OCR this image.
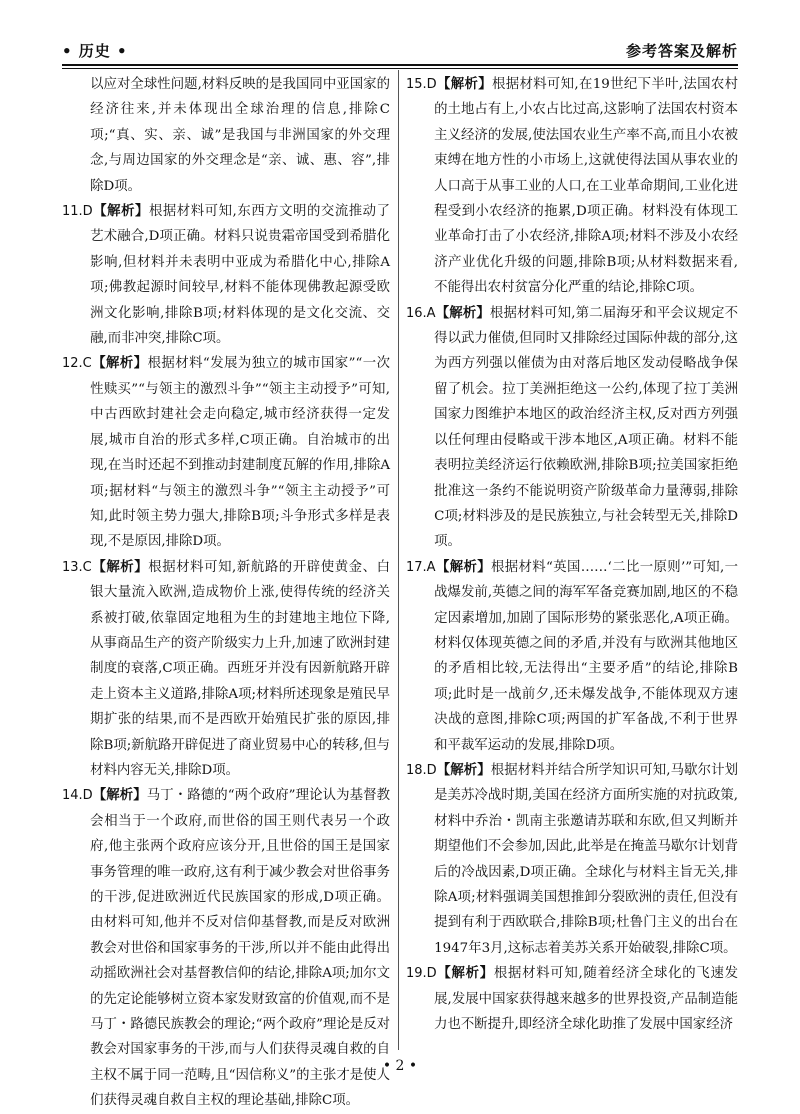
• 历史 •	参考答案及解析
以应对全球性问题,材料反映的是我国同中亚国家的经济往来,并未体现出全球治理的信息,排除C项;“真、实、亲、诚”是我国与非洲国家的外交理念,与周边国家的外交理念是“亲、诚、惠、容”,排除D项。
11.D【解析】根据材料可知,东西方文明的交流推动了艺术融合,D项正确。材料只说贵霜帝国受到希腊化影响,但材料并未表明中亚成为希腊化中心,排除A项;佛教起源时间较早,材料不能体现佛教起源受欧洲文化影响,排除B项;材料体现的是文化交流、交融,而非冲突,排除C项。
12.C【解析】根据材料“发展为独立的城市国家”“一次性赎买”“与领主的激烈斗争”“领主主动授予”可知,中古西欧封建社会走向稳定,城市经济获得一定发展,城市自治的形式多样,C项正确。自治城市的出现,在当时还起不到推动封建制度瓦解的作用,排除A项;据材料“与领主的激烈斗争”“领主主动授予”可知,此时领主势力强大,排除B项;斗争形式多样是表现,不是原因,排除D项。
13.C【解析】根据材料可知,新航路的开辟使黄金、白银大量流入欧洲,造成物价上涨,使得传统的经济关系被打破,依靠固定地租为生的封建地主地位下降,从事商品生产的资产阶级实力上升,加速了欧洲封建制度的衰落,C项正确。西班牙并没有因新航路开辟走上资本主义道路,排除A项;材料所述现象是殖民早期扩张的结果,而不是西欧开始殖民扩张的原因,排除B项;新航路开辟促进了商业贸易中心的转移,但与材料内容无关,排除D项。
14.D【解析】马丁・路德的“两个政府”理论认为基督教会相当于一个政府,而世俗的国王则代表另一个政府,他主张两个政府应该分开,且世俗的国王是国家事务管理的唯一政府,这有利于减少教会对世俗事务的干涉,促进欧洲近代民族国家的形成,D项正确。由材料可知,他并不反对信仰基督教,而是反对欧洲教会对世俗和国家事务的干涉,所以并不能由此得出动摇欧洲社会对基督教信仰的结论,排除A项;加尔文的先定论能够树立资本家发财致富的价值观,而不是马丁・路德民族教会的理论;“两个政府”理论是反对教会对国家事务的干涉,而与人们获得灵魂自救的自主权不属于同一范畴,且“因信称义”的主张才是使人们获得灵魂自救自主权的理论基础,排除C项。
15.D【解析】根据材料可知,在19世纪下半叶,法国农村的土地占有上,小农占比过高,这影响了法国农村资本主义经济的发展,使法国农业生产率不高,而且小农被束缚在地方性的小市场上,这就使得法国从事农业的人口高于从事工业的人口,在工业革命期间,工业化进程受到小农经济的拖累,D项正确。材料没有体现工业革命打击了小农经济,排除A项;材料不涉及小农经济产业优化升级的问题,排除B项;从材料数据来看,不能得出农村贫富分化严重的结论,排除C项。
16.A【解析】根据材料可知,第二届海牙和平会议规定不得以武力催债,但同时又排除经过国际仲裁的部分,这为西方列强以催债为由对落后地区发动侵略战争保留了机会。拉丁美洲拒绝这一公约,体现了拉丁美洲国家力图维护本地区的政治经济主权,反对西方列强以任何理由侵略或干涉本地区,A项正确。材料不能表明拉美经济运行依赖欧洲,排除B项;拉美国家拒绝批准这一条约不能说明资产阶级革命力量薄弱,排除C项;材料涉及的是民族独立,与社会转型无关,排除D项。
17.A【解析】根据材料“英国……‘二比一原则’”可知,一战爆发前,英德之间的海军军备竞赛加剧,地区的不稳定因素增加,加剧了国际形势的紧张恶化,A项正确。材料仅体现英德之间的矛盾,并没有与欧洲其他地区的矛盾相比较,无法得出“主要矛盾”的结论,排除B项;此时是一战前夕,还未爆发战争,不能体现双方速决战的意图,排除C项;两国的扩军备战,不利于世界和平裁军运动的发展,排除D项。
18.D【解析】根据材料并结合所学知识可知,马歇尔计划是美苏冷战时期,美国在经济方面所实施的对抗政策,材料中乔治・凯南主张邀请苏联和东欧,但又判断并期望他们不会参加,因此,此举是在掩盖马歇尔计划背后的冷战因素,D项正确。全球化与材料主旨无关,排除A项;材料强调美国想推卸分裂欧洲的责任,但没有提到有利于西欧联合,排除B项;杜鲁门主义的出台在1947年3月,这标志着美苏关系开始破裂,排除C项。
19.D【解析】根据材料可知,随着经济全球化的飞速发展,发展中国家获得越来越多的世界投资,产品制造能力也不断提升,即经济全球化助推了发展中国家经济
• 2 •
